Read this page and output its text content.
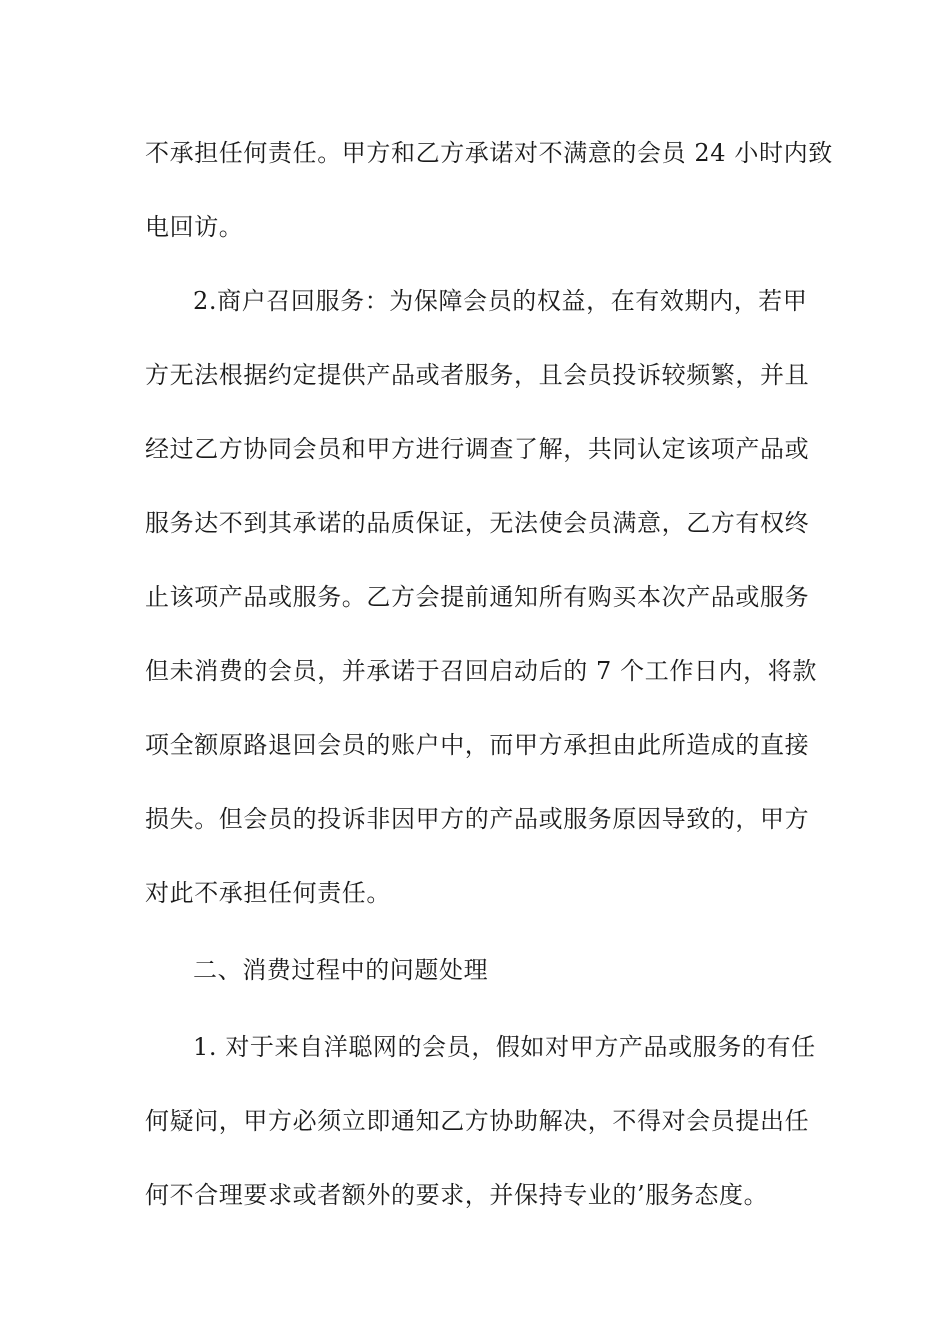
不承担任何责任。甲方和乙方承诺对不满意的会员 24 小时内致
电回访。
2.商户召回服务：为保障会员的权益，在有效期内，若甲
方无法根据约定提供产品或者服务，且会员投诉较频繁，并且
经过乙方协同会员和甲方进行调查了解，共同认定该项产品或
服务达不到其承诺的品质保证，无法使会员满意，乙方有权终
止该项产品或服务。乙方会提前通知所有购买本次产品或服务
但未消费的会员，并承诺于召回启动后的 7 个工作日内，将款
项全额原路退回会员的账户中，而甲方承担由此所造成的直接
损失。但会员的投诉非因甲方的产品或服务原因导致的，甲方
对此不承担任何责任。
二、消费过程中的问题处理
1. 对于来自洋聪网的会员，假如对甲方产品或服务的有任
何疑问，甲方必须立即通知乙方协助解决，不得对会员提出任
何不合理要求或者额外的要求，并保持专业的’服务态度。
